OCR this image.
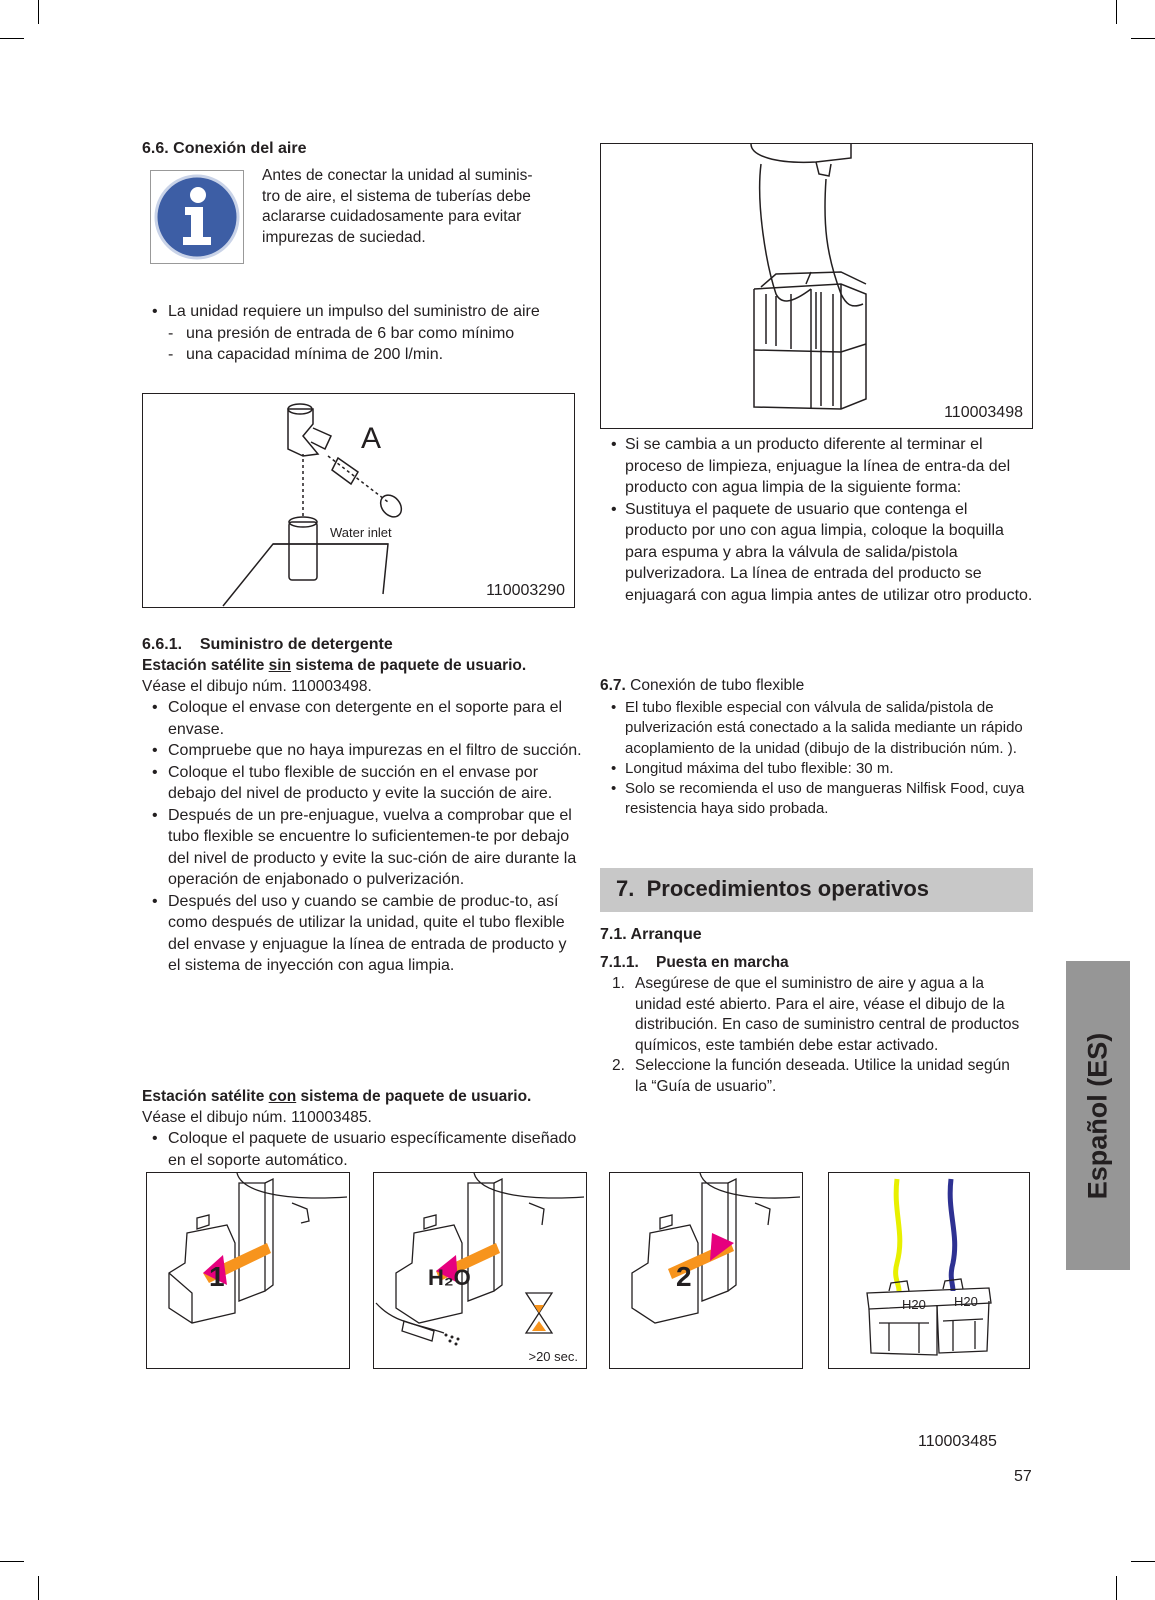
6.6. Conexión del aire
Antes de conectar la unidad al suminis-
tro de aire, el sistema de tuberías debe
aclararse cuidadosamente para evitar
impurezas de suciedad.
• La unidad requiere un impulso del suministro de aire
- una presión de entrada de 6 bar como mínimo
- una capacidad mínima de 200 l/min.
A
Water inlet
110003290
6.6.1.    Suministro de detergente
Estación satélite sin sistema de paquete de usuario.
Véase el dibujo núm. 110003498.
• Coloque el envase con detergente en el soporte para el envase.
• Compruebe que no haya impurezas en el filtro de succión.
• Coloque el tubo flexible de succión en el envase por debajo del nivel de producto y evite la succión de aire.
• Después de un pre-enjuague, vuelva a comprobar que el tubo flexible se encuentre lo suficientemen-te por debajo del nivel de producto y evite la suc-ción de aire durante la operación de enjabonado o pulverización.
• Después del uso y cuando se cambie de produc-to, así como después de utilizar la unidad, quite el tubo flexible del envase y enjuague la línea de entrada de producto y el sistema de inyección con agua limpia.
Estación satélite con sistema de paquete de usuario.
Véase el dibujo núm. 110003485.
• Coloque el paquete de usuario específicamente diseñado en el soporte automático.
110003498
• Si se cambia a un producto diferente al terminar el proceso de limpieza, enjuague la línea de entra-da del producto con agua limpia de la siguiente forma:
• Sustituya el paquete de usuario que contenga el producto por uno con agua limpia, coloque la boquilla para espuma y abra la válvula de salida/pistola pulverizadora. La línea de entrada del producto se enjuagará con agua limpia antes de utilizar otro producto.
6.7. Conexión de tubo flexible
• El tubo flexible especial con válvula de salida/pistola de pulverización está conectado a la salida mediante un rápido acoplamiento de la unidad (dibujo de la distribución núm. ).
• Longitud máxima del tubo flexible: 30 m.
• Solo se recomienda el uso de mangueras Nilfisk Food, cuya resistencia haya sido probada.
7. Procedimientos operativos
7.1. Arranque
7.1.1.    Puesta en marcha
1. Asegúrese de que el suministro de aire y agua a la unidad esté abierto. Para el aire, véase el dibujo de la distribución. En caso de suministro central de productos químicos, este también debe estar activado.
2. Seleccione la función deseada. Utilice la unidad según la “Guía de usuario”.	Español (ES)
1	H₂O
>20 sec.
2
H20 H20
110003485
57
